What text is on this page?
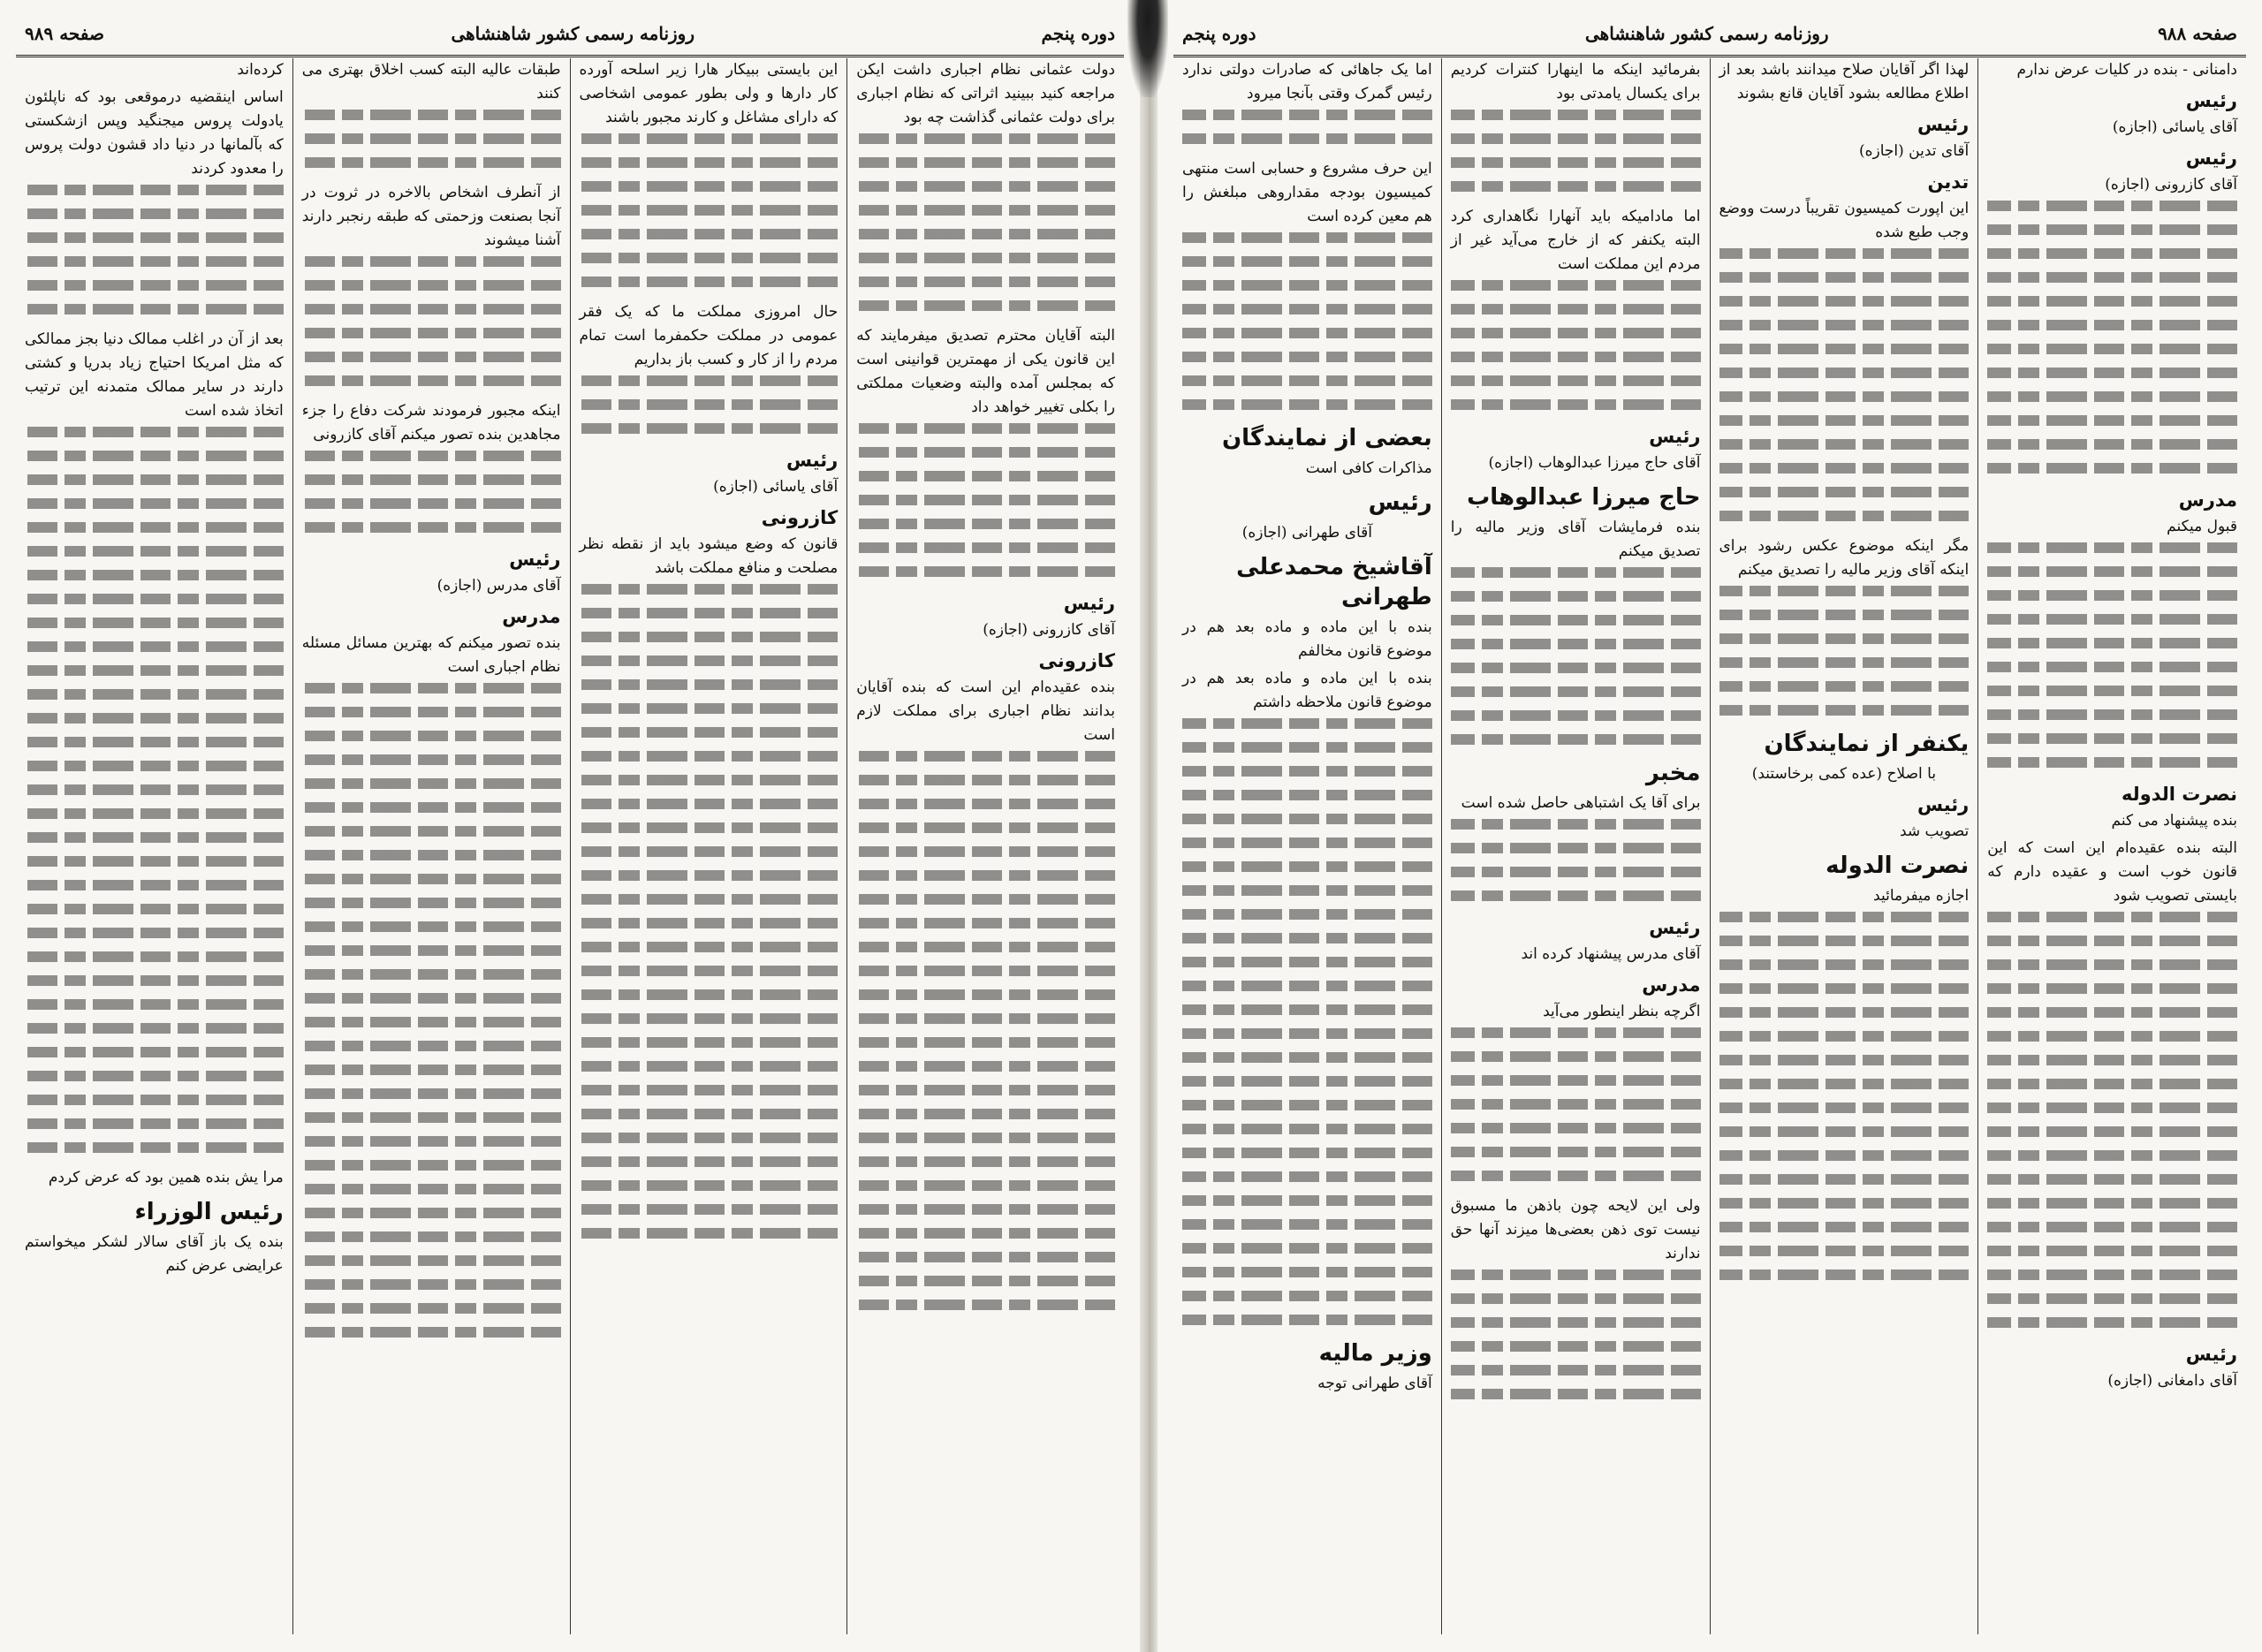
دوره پنجم
روزنامه رسمی کشور شاهنشاهی
صفحه ۹۸۹

دولت عثمانی نظام اجباری داشت ایکن مراجعه کنید ببینید اثراتی که نظام اجباری برای دولت عثمانی گذاشت چه بود

البته آقایان محترم تصدیق میفرمایند که این قانون یکی از مهمترین قوانینی است که بمجلس آمده والبته وضعیات مملکتی را بکلی تغییر خواهد داد

رئیس

آقای کازرونی (اجازه)

کازرونی

بنده عقیده‌ام این است که بنده آقایان بدانند نظام اجباری برای مملکت لازم است

این بایستی ببیکار هارا زیر اسلحه آورده کار دارها و ولی بطور عمومی اشخاصی که دارای مشاغل و کارند مجبور باشند

حال امروزی مملکت ما که یک فقر عمومی در مملکت حکمفرما است تمام مردم را از کار و کسب باز بداریم

رئیس

آقای یاسائی (اجازه)

کازرونی

قانون که وضع میشود باید از نقطه نظر مصلحت و منافع مملکت باشد

طبقات عالیه البته کسب اخلاق بهتری می کنند

از آنطرف اشخاص بالاخره در ثروت در آنجا بصنعت وزحمتی که طبقه رنجبر دارند آشنا میشوند

اینکه مجبور فرمودند شرکت دفاع را جزء مجاهدین بنده تصور میکنم آقای کازرونی

رئیس

آقای مدرس (اجازه)

مدرس

بنده تصور میکنم که بهترین مسائل مسئله نظام اجباری است

کرده‌اند

اساس اینقضیه درموقعی بود که ناپلئون یادولت پروس میجنگید وپس ازشکستی که بآلمانها در دنیا داد قشون دولت پروس را معدود کردند

بعد از آن در اغلب ممالک دنیا بجز ممالکی که مثل امریکا احتیاج زیاد بدریا و کشتی دارند در سایر ممالک متمدنه این ترتیب اتخاذ شده است

مرا یش بنده همین بود که عرض کردم

رئیس الوزراء

بنده یک باز آقای سالار لشکر میخواستم عرایضی عرض کنم

صفحه ۹۸۸
روزنامه رسمی کشور شاهنشاهی
دوره پنجم

دامنانی - بنده در کلیات عرض ندارم

رئیس

آقای یاسائی (اجازه)

رئیس

آقای کازرونی (اجازه)

مدرس

قبول میکنم

نصرت الدوله

بنده پیشنهاد می کنم

البته بنده عقیده‌ام این است که این قانون خوب است و عقیده دارم که بایستی تصویب شود

رئیس

آقای دامغانی (اجازه)

لهذا اگر آقایان صلاح میدانند باشد بعد از اطلاع مطالعه بشود آقایان قانع بشوند

رئیس

آقای تدین (اجازه)

تدین

این اپورت کمیسیون تقریباً درست ووضع وجب طبع شده

مگر اینکه موضوع عکس رشود برای اینکه آقای وزیر مالیه را تصدیق میکنم

یکنفر از نمایندگان

با اصلاح (عده کمی برخاستند)

رئیس

تصویب شد

نصرت الدوله

اجازه میفرمائید

بفرمائید اینکه ما اینهارا کنترات کردیم برای یکسال یامدتی بود

اما مادامیکه باید آنهارا نگاهداری کرد البته یکنفر که از خارج می‌آید غیر از مردم این مملکت است

رئیس

آقای حاج میرزا عبدالوهاب (اجازه)

حاج میرزا عبدالوهاب

بنده فرمایشات آقای وزیر مالیه را تصدیق میکنم

مخبر

برای آقا یک اشتباهی حاصل شده است

رئیس

آقای مدرس پیشنهاد کرده اند

مدرس

اگرچه بنظر اینطور می‌آید

ولی این لایحه چون باذهن ما مسبوق نیست توی ذهن بعضی‌ها میزند آنها حق ندارند

اما یک جاهائی که صادرات دولتی ندارد رئیس گمرک وقتی بآنجا میرود

این حرف مشروع و حسابی است منتهی کمیسیون بودجه مقداروهی مبلغش را هم معین کرده است

بعضی از نمایندگان

مذاکرات کافی است

رئیس

آقای طهرانی (اجازه)

آقاشیخ محمدعلی طهرانی

بنده با این ماده و ماده بعد هم در موضوع قانون مخالفم

بنده با این ماده و ماده بعد هم در موضوع قانون ملاحظه داشتم

وزیر مالیه

آقای طهرانی توجه
